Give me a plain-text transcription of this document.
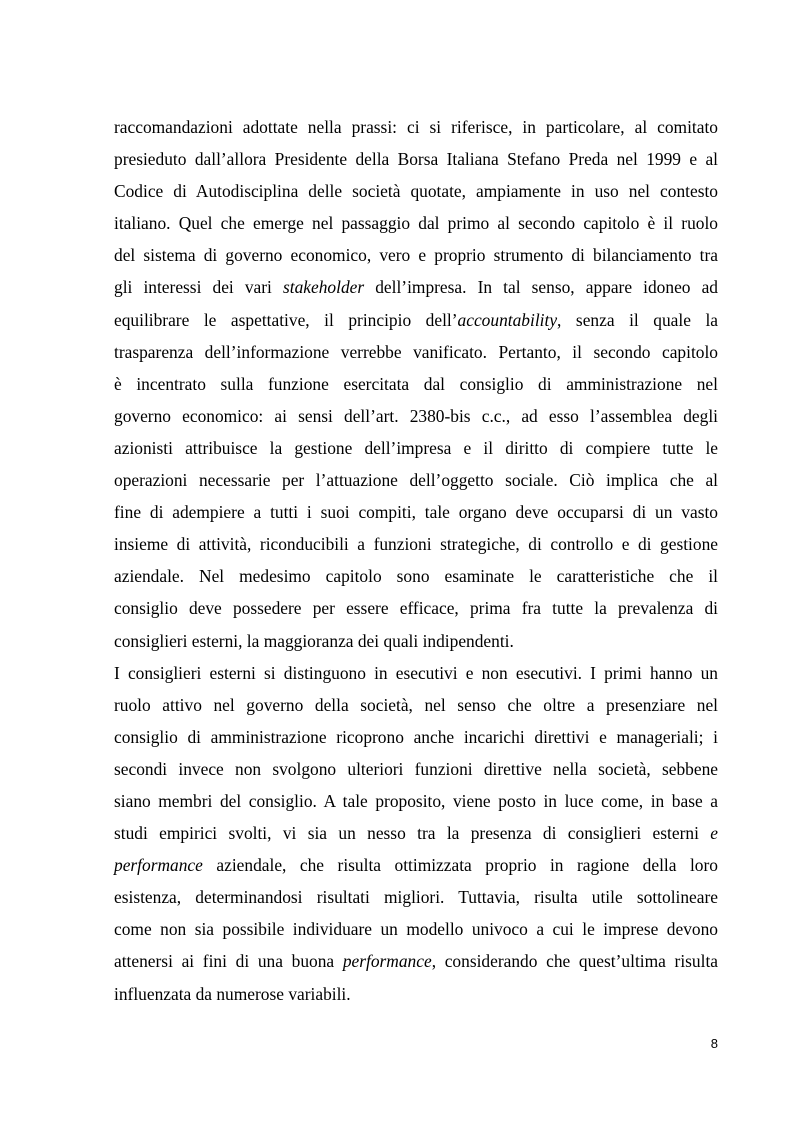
raccomandazioni adottate nella prassi: ci si riferisce, in particolare, al comitato
presieduto dall’allora Presidente della Borsa Italiana Stefano Preda nel 1999 e al
Codice di Autodisciplina delle società quotate, ampiamente in uso nel contesto
italiano. Quel che emerge nel passaggio dal primo al secondo capitolo è il ruolo
del sistema di governo economico, vero e proprio strumento di bilanciamento tra
gli interessi dei vari stakeholder dell’impresa. In tal senso, appare idoneo ad
equilibrare le aspettative, il principio dell’accountability, senza il quale la
trasparenza dell’informazione verrebbe vanificato. Pertanto, il secondo capitolo
è incentrato sulla funzione esercitata dal consiglio di amministrazione nel
governo economico: ai sensi dell’art. 2380-bis c.c., ad esso l’assemblea degli
azionisti attribuisce la gestione dell’impresa e il diritto di compiere tutte le
operazioni necessarie per l’attuazione dell’oggetto sociale. Ciò implica che al
fine di adempiere a tutti i suoi compiti, tale organo deve occuparsi di un vasto
insieme di attività, riconducibili a funzioni strategiche, di controllo e di gestione
aziendale. Nel medesimo capitolo sono esaminate le caratteristiche che il
consiglio deve possedere per essere efficace, prima fra tutte la prevalenza di
consiglieri esterni, la maggioranza dei quali indipendenti.
I consiglieri esterni si distinguono in esecutivi e non esecutivi. I primi hanno un
ruolo attivo nel governo della società, nel senso che oltre a presenziare nel
consiglio di amministrazione ricoprono anche incarichi direttivi e manageriali; i
secondi invece non svolgono ulteriori funzioni direttive nella società, sebbene
siano membri del consiglio. A tale proposito, viene posto in luce come, in base a
studi empirici svolti, vi sia un nesso tra la presenza di consiglieri esterni e
performance aziendale, che risulta ottimizzata proprio in ragione della loro
esistenza, determinandosi risultati migliori. Tuttavia, risulta utile sottolineare
come non sia possibile individuare un modello univoco a cui le imprese devono
attenersi ai fini di una buona performance, considerando che quest’ultima risulta
influenzata da numerose variabili.
8
